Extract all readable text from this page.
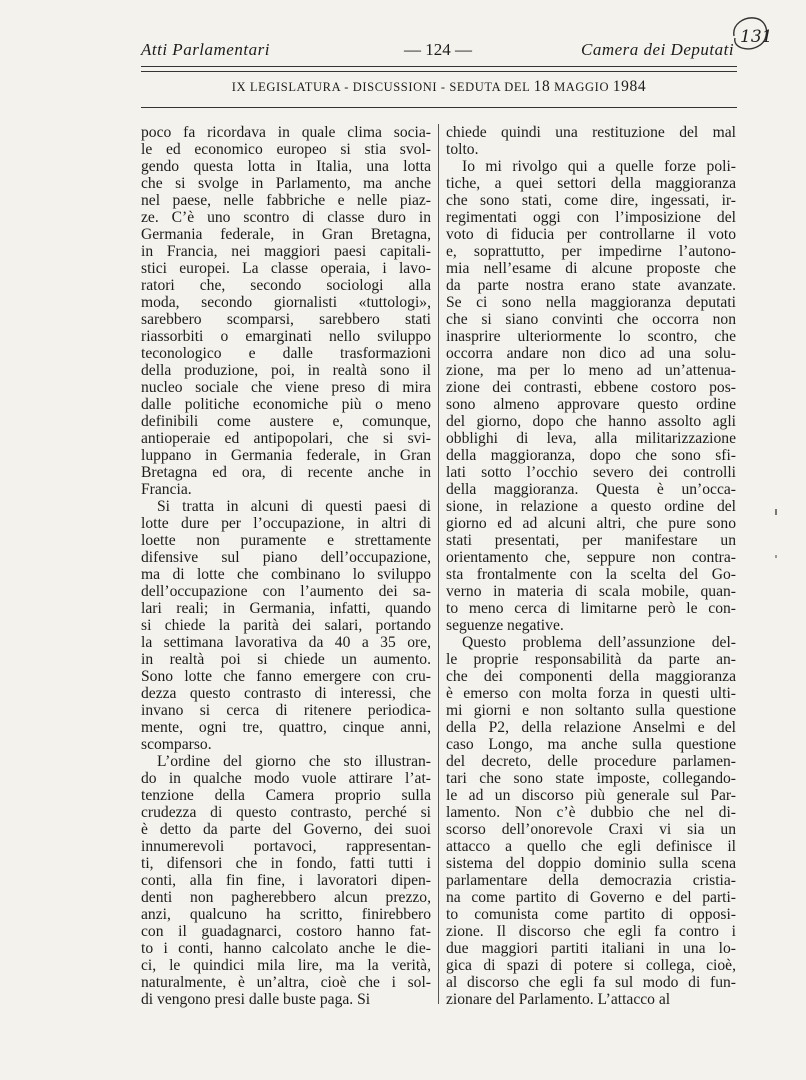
Atti Parlamentari	— 124 —	Camera dei Deputati
131
IX LEGISLATURA - DISCUSSIONI - SEDUTA DEL 18 MAGGIO 1984

poco fa ricordava in quale clima socia-
le ed economico europeo si stia svol-
gendo questa lotta in Italia, una lotta
che si svolge in Parlamento, ma anche
nel paese, nelle fabbriche e nelle piaz-
ze. C’è uno scontro di classe duro in
Germania federale, in Gran Bretagna,
in Francia, nei maggiori paesi capitali-
stici europei. La classe operaia, i lavo-
ratori che, secondo sociologi alla
moda, secondo giornalisti «tuttologi»,
sarebbero scomparsi, sarebbero stati
riassorbiti o emarginati nello sviluppo
teconologico e dalle trasformazioni
della produzione, poi, in realtà sono il
nucleo sociale che viene preso di mira
dalle politiche economiche più o meno
definibili come austere e, comunque,
antioperaie ed antipopolari, che si svi-
luppano in Germania federale, in Gran
Bretagna ed ora, di recente anche in
Francia.

Si tratta in alcuni di questi paesi di
lotte dure per l’occupazione, in altri di
loette non puramente e strettamente
difensive sul piano dell’occupazione,
ma di lotte che combinano lo sviluppo
dell’occupazione con l’aumento dei sa-
lari reali; in Germania, infatti, quando
si chiede la parità dei salari, portando
la settimana lavorativa da 40 a 35 ore,
in realtà poi si chiede un aumento.
Sono lotte che fanno emergere con cru-
dezza questo contrasto di interessi, che
invano si cerca di ritenere periodica-
mente, ogni tre, quattro, cinque anni,
scomparso.

L’ordine del giorno che sto illustran-
do in qualche modo vuole attirare l’at-
tenzione della Camera proprio sulla
crudezza di questo contrasto, perché si
è detto da parte del Governo, dei suoi
innumerevoli portavoci, rappresentan-
ti, difensori che in fondo, fatti tutti i
conti, alla fin fine, i lavoratori dipen-
denti non pagherebbero alcun prezzo,
anzi, qualcuno ha scritto, finirebbero
con il guadagnarci, costoro hanno fat-
to i conti, hanno calcolato anche le die-
ci, le quindici mila lire, ma la verità,
naturalmente, è un’altra, cioè che i sol-
di vengono presi dalle buste paga. Si

chiede quindi una restituzione del mal
tolto.

Io mi rivolgo qui a quelle forze poli-
tiche, a quei settori della maggioranza
che sono stati, come dire, ingessati, ir-
regimentati oggi con l’imposizione del
voto di fiducia per controllarne il voto
e, soprattutto, per impedirne l’autono-
mia nell’esame di alcune proposte che
da parte nostra erano state avanzate.
Se ci sono nella maggioranza deputati
che si siano convinti che occorra non
inasprire ulteriormente lo scontro, che
occorra andare non dico ad una solu-
zione, ma per lo meno ad un’attenua-
zione dei contrasti, ebbene costoro pos-
sono almeno approvare questo ordine
del giorno, dopo che hanno assolto agli
obblighi di leva, alla militarizzazione
della maggioranza, dopo che sono sfi-
lati sotto l’occhio severo dei controlli
della maggioranza. Questa è un’occa-
sione, in relazione a questo ordine del
giorno ed ad alcuni altri, che pure sono
stati presentati, per manifestare un
orientamento che, seppure non contra-
sta frontalmente con la scelta del Go-
verno in materia di scala mobile, quan-
to meno cerca di limitarne però le con-
seguenze negative.

Questo problema dell’assunzione del-
le proprie responsabilità da parte an-
che dei componenti della maggioranza
è emerso con molta forza in questi ulti-
mi giorni e non soltanto sulla questione
della P2, della relazione Anselmi e del
caso Longo, ma anche sulla questione
del decreto, delle procedure parlamen-
tari che sono state imposte, collegando-
le ad un discorso più generale sul Par-
lamento. Non c’è dubbio che nel di-
scorso dell’onorevole Craxi vi sia un
attacco a quello che egli definisce il
sistema del doppio dominio sulla scena
parlamentare della democrazia cristia-
na come partito di Governo e del parti-
to comunista come partito di opposi-
zione. Il discorso che egli fa contro i
due maggiori partiti italiani in una lo-
gica di spazi di potere si collega, cioè,
al discorso che egli fa sul modo di fun-
zionare del Parlamento. L’attacco al
